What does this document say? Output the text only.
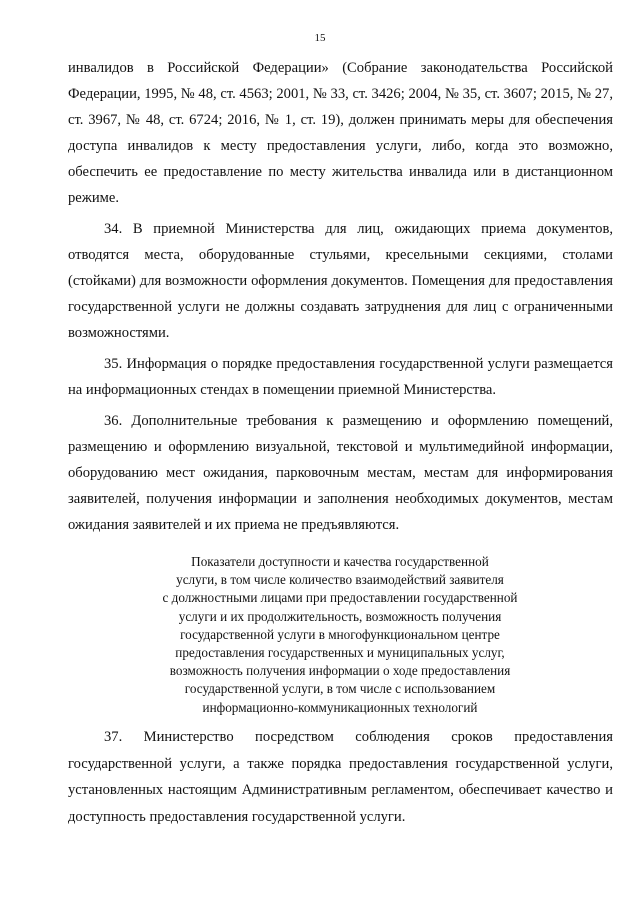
15

инвалидов в Российской Федерации» (Собрание законодательства Российской Федерации, 1995, № 48, ст. 4563; 2001, № 33, ст. 3426; 2004, № 35, ст. 3607; 2015, № 27, ст. 3967, № 48, ст. 6724; 2016, № 1, ст. 19), должен принимать меры для обеспечения доступа инвалидов к месту предоставления услуги, либо, когда это возможно, обеспечить ее предоставление по месту жительства инвалида или в дистанционном режиме.

34. В приемной Министерства для лиц, ожидающих приема документов, отводятся места, оборудованные стульями, кресельными секциями, столами (стойками) для возможности оформления документов. Помещения для предоставления государственной услуги не должны создавать затруднения для лиц с ограниченными возможностями.

35. Информация о порядке предоставления государственной услуги размещается на информационных стендах в помещении приемной Министерства.

36. Дополнительные требования к размещению и оформлению помещений, размещению и оформлению визуальной, текстовой и мультимедийной информации, оборудованию мест ожидания, парковочным местам, местам для информирования заявителей, получения информации и заполнения необходимых документов, местам ожидания заявителей и их приема не предъявляются.

Показатели доступности и качества государственной
услуги, в том числе количество взаимодействий заявителя
с должностными лицами при предоставлении государственной
услуги и их продолжительность, возможность получения
государственной услуги в многофункциональном центре
предоставления государственных и муниципальных услуг,
возможность получения информации о ходе предоставления
государственной услуги, в том числе с использованием
информационно-коммуникационных технологий

37. Министерство посредством соблюдения сроков предоставления государственной услуги, а также порядка предоставления государственной услуги, установленных настоящим Административным регламентом, обеспечивает качество и доступность предоставления государственной услуги.
